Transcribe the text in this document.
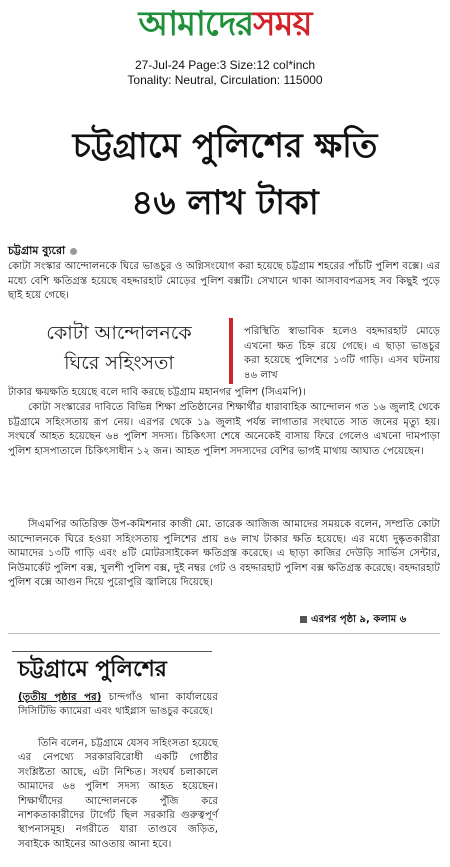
আমাদেরসময়
27-Jul-24 Page:3 Size:12 col*inch
Tonality: Neutral, Circulation: 115000
চট্টগ্রামে পুলিশের ক্ষতি
৪৬ লাখ টাকা
চট্টগ্রাম ব্যুরো

কোটা সংস্কার আন্দোলনকে ঘিরে ভাঙচুর ও অগ্নিসংযোগ করা হয়েছে চট্টগ্রাম শহরের পাঁচটি পুলিশ বক্সে। এর মধ্যে বেশি ক্ষতিগ্রস্ত হয়েছে বহদ্দারহাট মোড়ের পুলিশ বক্সটি। সেখানে থাকা আসবাবপত্রসহ সব কিছুই পুড়ে ছাই হয়ে গেছে।

কোটা আন্দোলনকে
ঘিরে সহিংসতা

পরিস্থিতি স্বাভাবিক হলেও বহদ্দারহাট মোড়ে এখনো ক্ষত চিহ্ন রয়ে গেছে। এ ছাড়া ভাঙচুর করা হয়েছে পুলিশের ১৩টি গাড়ি। এসব ঘটনায় ৪৬ লাখ

টাকার ক্ষয়ক্ষতি হয়েছে বলে দাবি করছে চট্টগ্রাম মহানগর পুলিশ (সিএমপি)।

কোটা সংস্কারের দাবিতে বিভিন্ন শিক্ষা প্রতিষ্ঠানের শিক্ষার্থীর ধারাবাহিক আন্দোলন গত ১৬ জুলাই থেকে চট্টগ্রামে সহিংসতায় রূপ নেয়। এরপর থেকে ১৯ জুলাই পর্যন্ত লাগাতার সংঘাতে সাত জনের মৃত্যু হয়। সংঘর্ষে আহত হয়েছেন ৬৪ পুলিশ সদস্য। চিকিৎসা শেষে অনেকেই বাসায় ফিরে গেলেও এখনো দামপাড়া পুলিশ হাসপাতালে চিকিৎসাধীন ১২ জন। আহত পুলিশ সদস্যদের বেশির ভাগই মাথায় আঘাত পেয়েছেন।

সিএমপির অতিরিক্ত উপ-কমিশনার কাজী মো. তারেক আজিজ আমাদের সময়কে বলেন, সম্প্রতি কোটা আন্দোলনকে ঘিরে হওয়া সহিংসতায় পুলিশের প্রায় ৪৬ লাখ টাকার ক্ষতি হয়েছে। এর মধ্যে দুষ্কৃতকারীরা আমাদের ১৩টি গাড়ি এবং ৪টি মোটরসাইকেল ক্ষতিগ্রস্ত করেছে। এ ছাড়া কাজির দেউড়ি সার্ভিস সেন্টার, নিউমার্কেট পুলিশ বক্স, খুলশী পুলিশ বক্স, দুই নম্বর গেট ও বহদ্দারহাট পুলিশ বক্স ক্ষতিগ্রস্ত করেছে। বহদ্দারহাট পুলিশ বক্সে আগুন দিয়ে পুরোপুরি জ্বালিয়ে দিয়েছে।

এরপর পৃষ্ঠা ৯, কলাম ৬
চট্টগ্রামে পুলিশের

(তৃতীয় পৃষ্ঠার পর) চান্দগাঁও থানা কার্যালয়ের সিসিটিভি ক্যামেরা এবং থাইগ্লাস ভাঙচুর করেছে।

তিনি বলেন, চট্টগ্রামে যেসব সহিংসতা হয়েছে এর নেপথ্যে সরকারবিরোধী একটি গোষ্ঠীর সংশ্লিষ্টতা আছে, এটা নিশ্চিত। সংঘর্ষ চলাকালে আমাদের ৬৪ পুলিশ সদস্য আহত হয়েছেন। শিক্ষার্থীদের আন্দোলনকে পুঁজি করে নাশকতাকারীদের টার্গেট ছিল সরকারি গুরুত্বপূর্ণ স্থাপনাসমূহ। নগরীতে যারা তাণ্ডবে জড়িত, সবাইকে আইনের আওতায় আনা হবে।
